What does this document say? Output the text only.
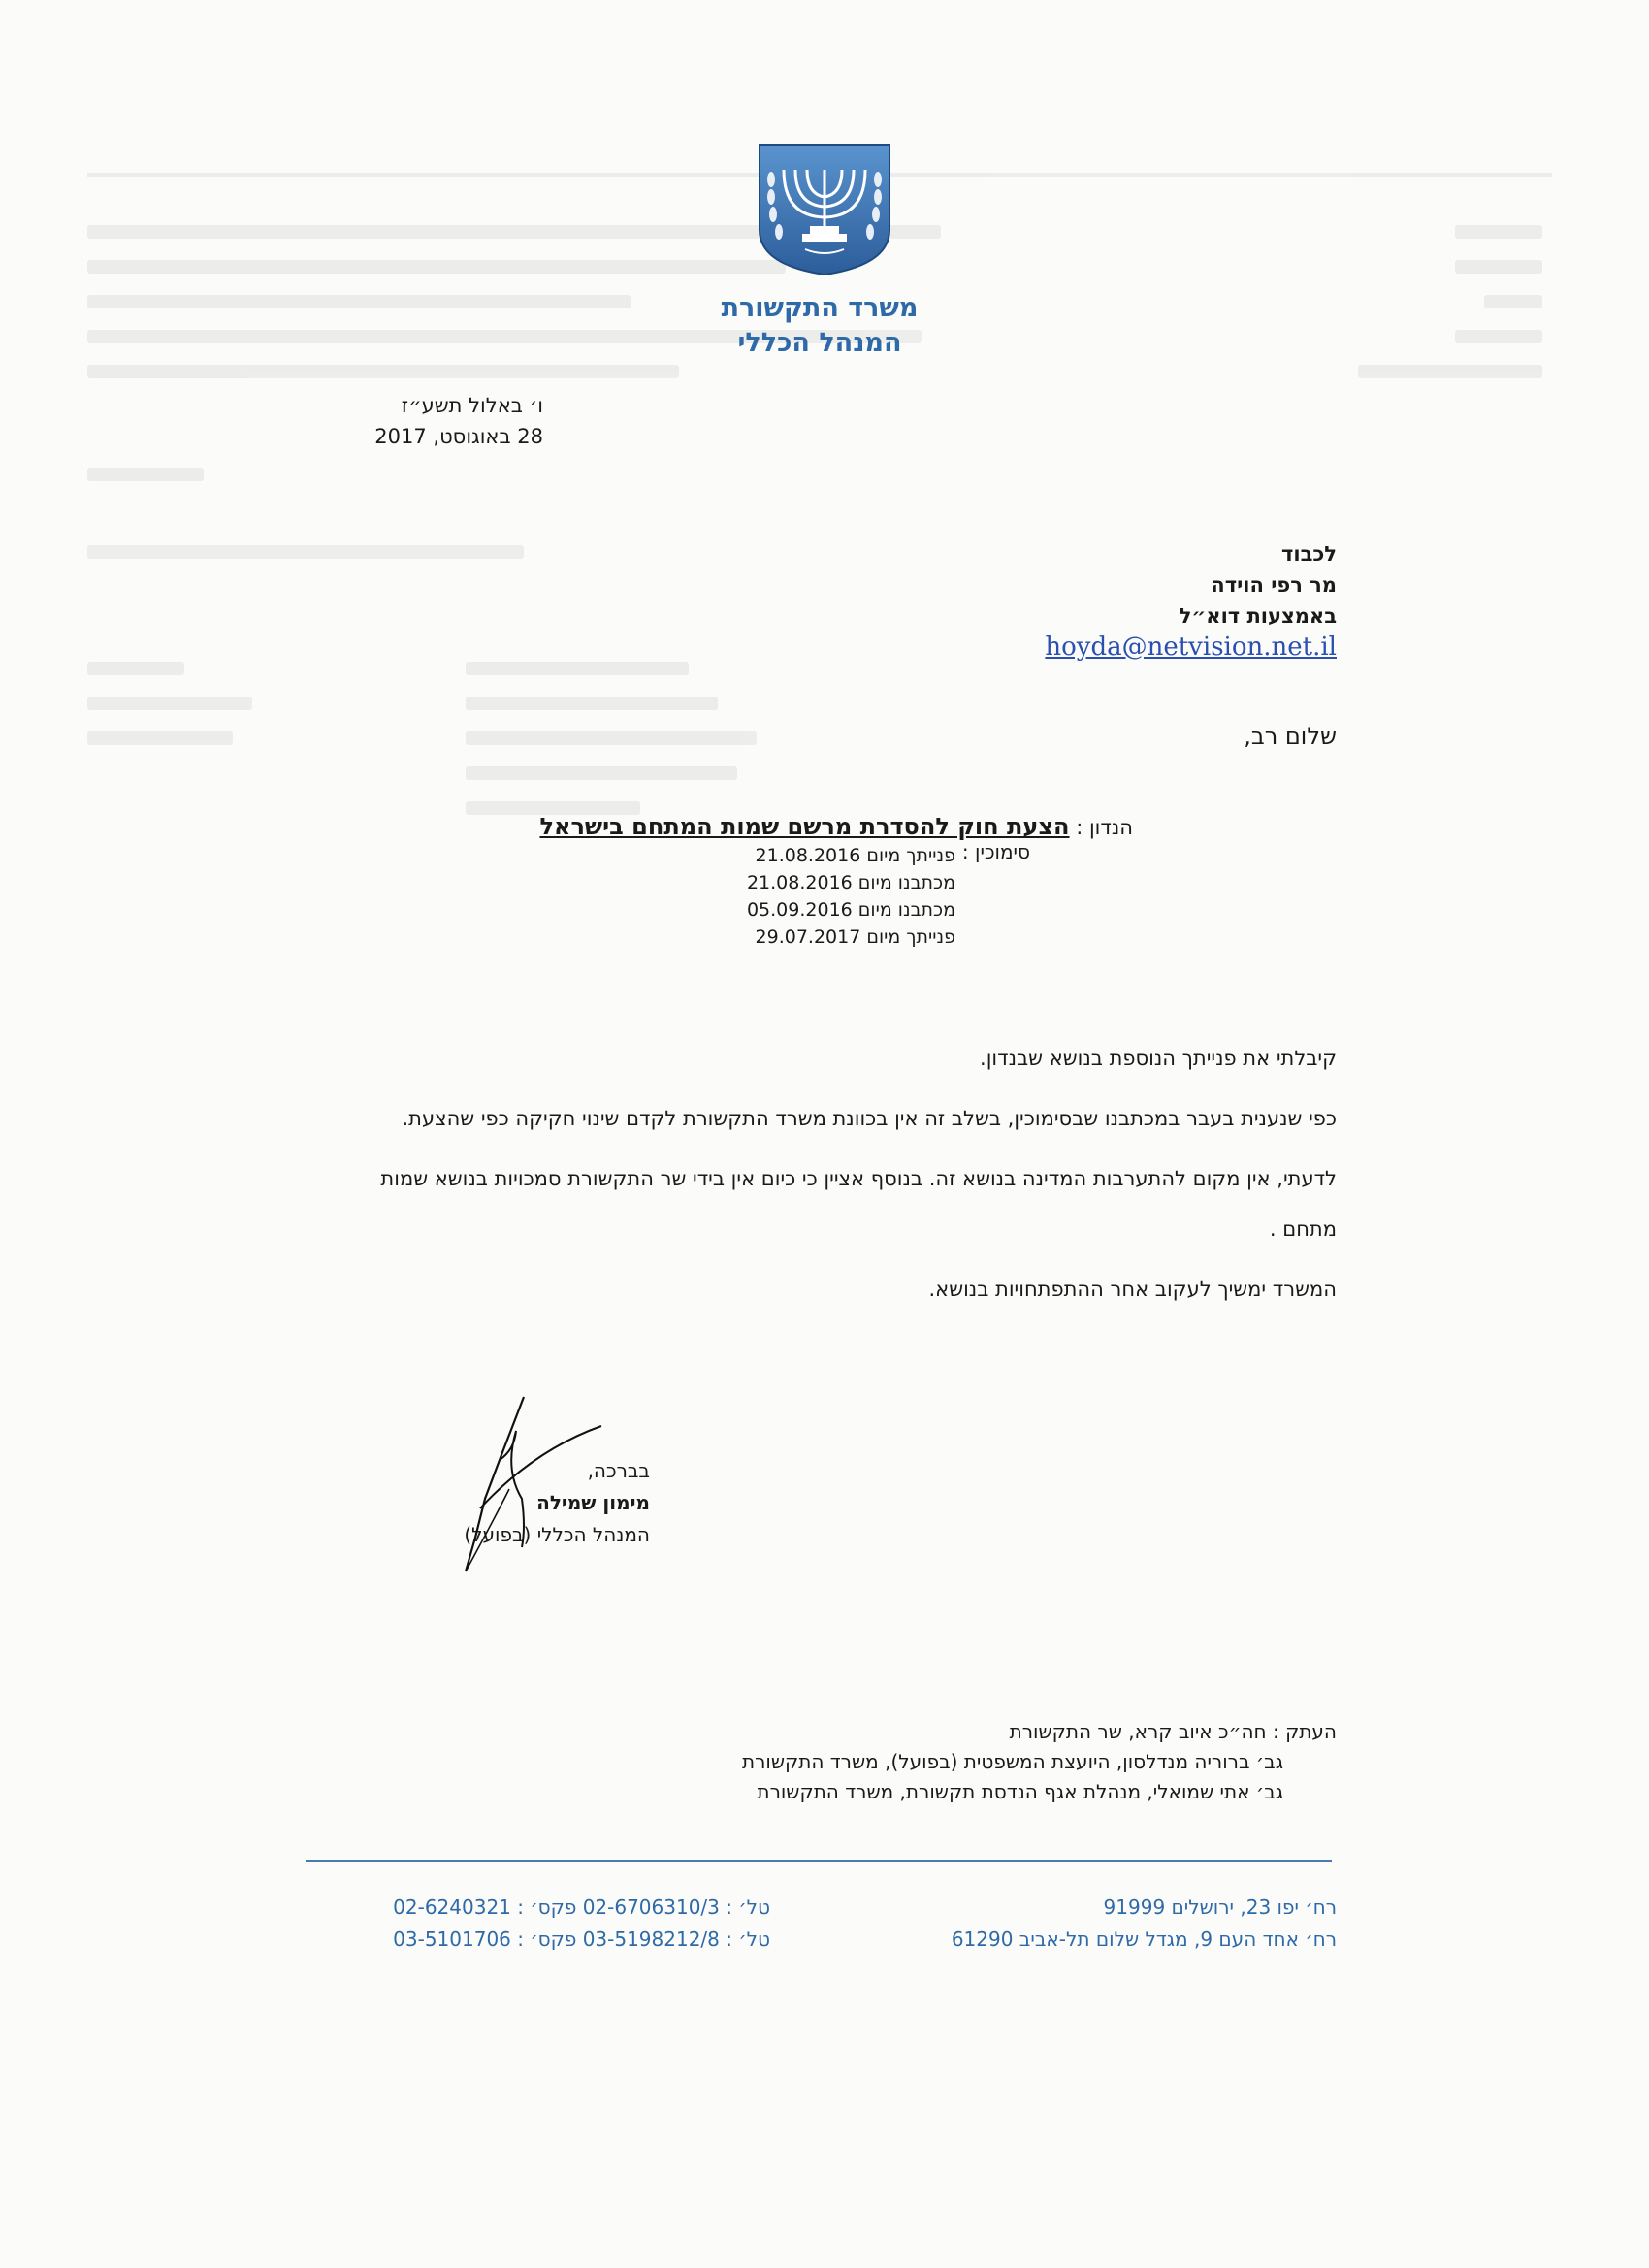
משרד התקשורת
המנהל הכללי
ו׳ באלול תשע״ז
28 באוגוסט, 2017
לכבוד
מר רפי הוידה
באמצעות דוא״ל
hoyda@netvision.net.il
שלום רב,
הנדון : הצעת חוק להסדרת מרשם שמות המתחם בישראל
סימוכין :
פנייתך מיום 21.08.2016
מכתבנו מיום 21.08.2016
מכתבנו מיום 05.09.2016
פנייתך מיום 29.07.2017

קיבלתי את פנייתך הנוספת בנושא שבנדון.

כפי שנענית בעבר במכתבנו שבסימוכין, בשלב זה אין בכוונת משרד התקשורת לקדם שינוי חקיקה כפי שהצעת.

לדעתי, אין מקום להתערבות המדינה בנושא זה. בנוסף אציין כי כיום אין בידי שר התקשורת סמכויות בנושא שמות מתחם .

המשרד ימשיך לעקוב אחר ההתפתחויות בנושא.

בברכה,
מימון שמילה
המנהל הכללי (בפועל)
העתק : חה״כ איוב קרא, שר התקשורת
גב׳ ברוריה מנדלסון, היועצת המשפטית (בפועל), משרד התקשורת
גב׳ אתי שמואלי, מנהלת אגף הנדסת תקשורת, משרד התקשורת
רח׳ יפו 23, ירושלים 91999
רח׳ אחד העם 9, מגדל שלום תל-אביב 61290
טל׳ : 02-6706310/3 פקס׳ : 02-6240321
טל׳ : 03-5198212/8 פקס׳ : 03-5101706
